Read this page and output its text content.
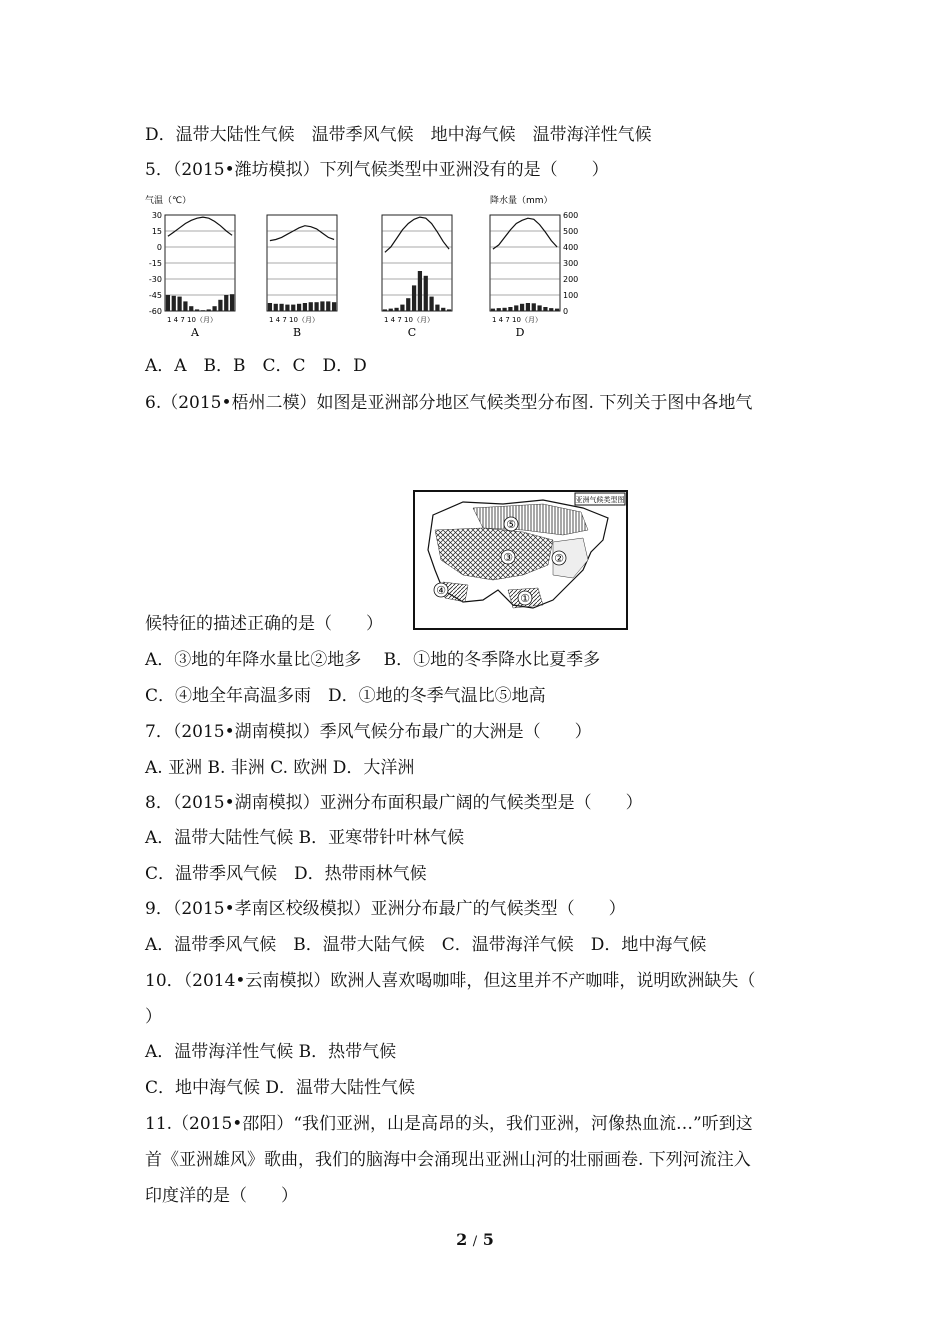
D．温带大陆性气候　温带季风气候　地中海气候　温带海洋性气候
5．（2015•潍坊模拟）下列气候类型中亚洲没有的是（　　）
气温（℃）	降水量（mm）
30
15
0
-15
-30
-45
-60
600
500
400
300
200
100
0
1 4 7 10（月）
A
1 4 7 10（月）
B
1 4 7 10（月）
C
1 4 7 10（月）
D
A．A　B．B　C．C　D．D
6.（2015•梧州二模）如图是亚洲部分地区气候类型分布图. 下列关于图中各地气
亚洲气候类型图
①
②
③
④
⑤
候特征的描述正确的是（　　）
A．③地的年降水量比②地多　 B．①地的冬季降水比夏季多
C．④地全年高温多雨　D．①地的冬季气温比⑤地高
7．（2015•湖南模拟）季风气候分布最广的大洲是（　　）
A. 亚洲 B. 非洲 C. 欧洲 D．大洋洲
8．（2015•湖南模拟）亚洲分布面积最广阔的气候类型是（　　）
A．温带大陆性气候 B．亚寒带针叶林气候
C．温带季风气候　D．热带雨林气候
9．（2015•孝南区校级模拟）亚洲分布最广的气候类型（　　）
A．温带季风气候　B．温带大陆气候　C．温带海洋气候　D．地中海气候
10．（2014•云南模拟）欧洲人喜欢喝咖啡，但这里并不产咖啡，说明欧洲缺失（
）
A．温带海洋性气候 B．热带气候
C．地中海气候 D．温带大陆性气候
11.（2015•邵阳）“我们亚洲，山是高昂的头，我们亚洲，河像热血流…”听到这
首《亚洲雄风》歌曲，我们的脑海中会涌现出亚洲山河的壮丽画卷. 下列河流注入
印度洋的是（　　）
2 / 5
